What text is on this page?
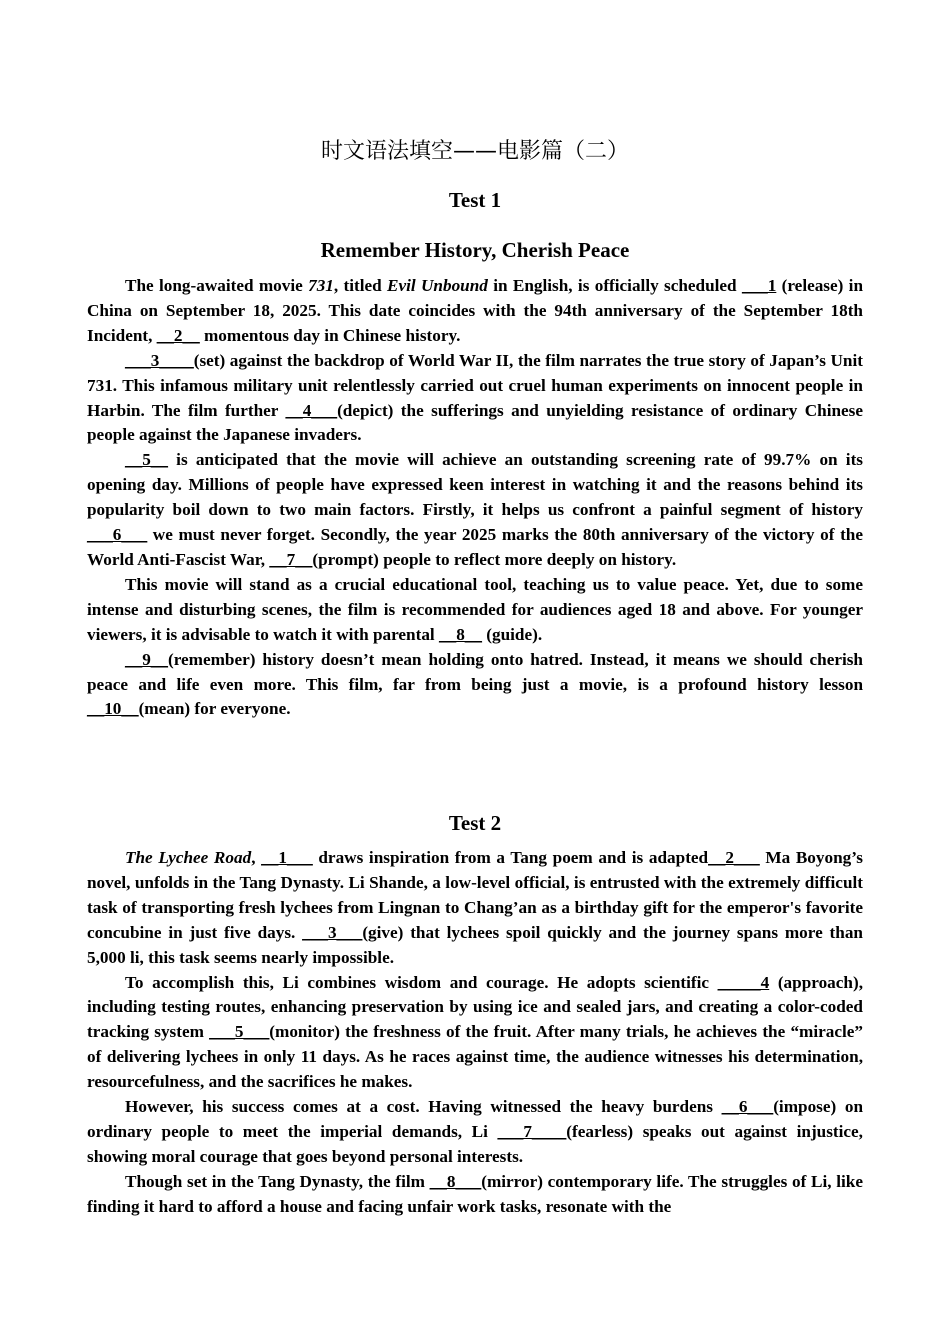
时文语法填空——电影篇（二）
Test 1
Remember History, Cherish Peace

The long-awaited movie 731, titled Evil Unbound in English, is officially scheduled ___1 (release) in China on September 18, 2025. This date coincides with the 94th anniversary of the September 18th Incident, __2__ momentous day in Chinese history.

___3____(set) against the backdrop of World War II, the film narrates the true story of Japan’s Unit 731. This infamous military unit relentlessly carried out cruel human experiments on innocent people in Harbin. The film further __4___(depict) the sufferings and unyielding resistance of ordinary Chinese people against the Japanese invaders.

__5__ is anticipated that the movie will achieve an outstanding screening rate of 99.7% on its opening day. Millions of people have expressed keen interest in watching it and the reasons behind its popularity boil down to two main factors. Firstly, it helps us confront a painful segment of history ___6___ we must never forget. Secondly, the year 2025 marks the 80th anniversary of the victory of the World Anti-Fascist War, __7__(prompt) people to reflect more deeply on history.

This movie will stand as a crucial educational tool, teaching us to value peace. Yet, due to some intense and disturbing scenes, the film is recommended for audiences aged 18 and above. For younger viewers, it is advisable to watch it with parental __8__ (guide).

__9__(remember) history doesn’t mean holding onto hatred. Instead, it means we should cherish peace and life even more. This film, far from being just a movie, is a profound history lesson __10__(mean) for everyone.

Test 2

The Lychee Road, __1___ draws inspiration from a Tang poem and is adapted__2___ Ma Boyong’s novel, unfolds in the Tang Dynasty. Li Shande, a low-level official, is entrusted with the extremely difficult task of transporting fresh lychees from Lingnan to Chang’an as a birthday gift for the emperor's favorite concubine in just five days. ___3___(give) that lychees spoil quickly and the journey spans more than 5,000 li, this task seems nearly impossible.

To accomplish this, Li combines wisdom and courage. He adopts scientific _____4 (approach), including testing routes, enhancing preservation by using ice and sealed jars, and creating a color-coded tracking system ___5___(monitor) the freshness of the fruit. After many trials, he achieves the “miracle” of delivering lychees in only 11 days. As he races against time, the audience witnesses his determination, resourcefulness, and the sacrifices he makes.

However, his success comes at a cost. Having witnessed the heavy burdens __6___(impose) on ordinary people to meet the imperial demands, Li ___7____(fearless) speaks out against injustice, showing moral courage that goes beyond personal interests.

Though set in the Tang Dynasty, the film __8___(mirror) contemporary life. The struggles of Li, like finding it hard to afford a house and facing unfair work tasks, resonate with the
